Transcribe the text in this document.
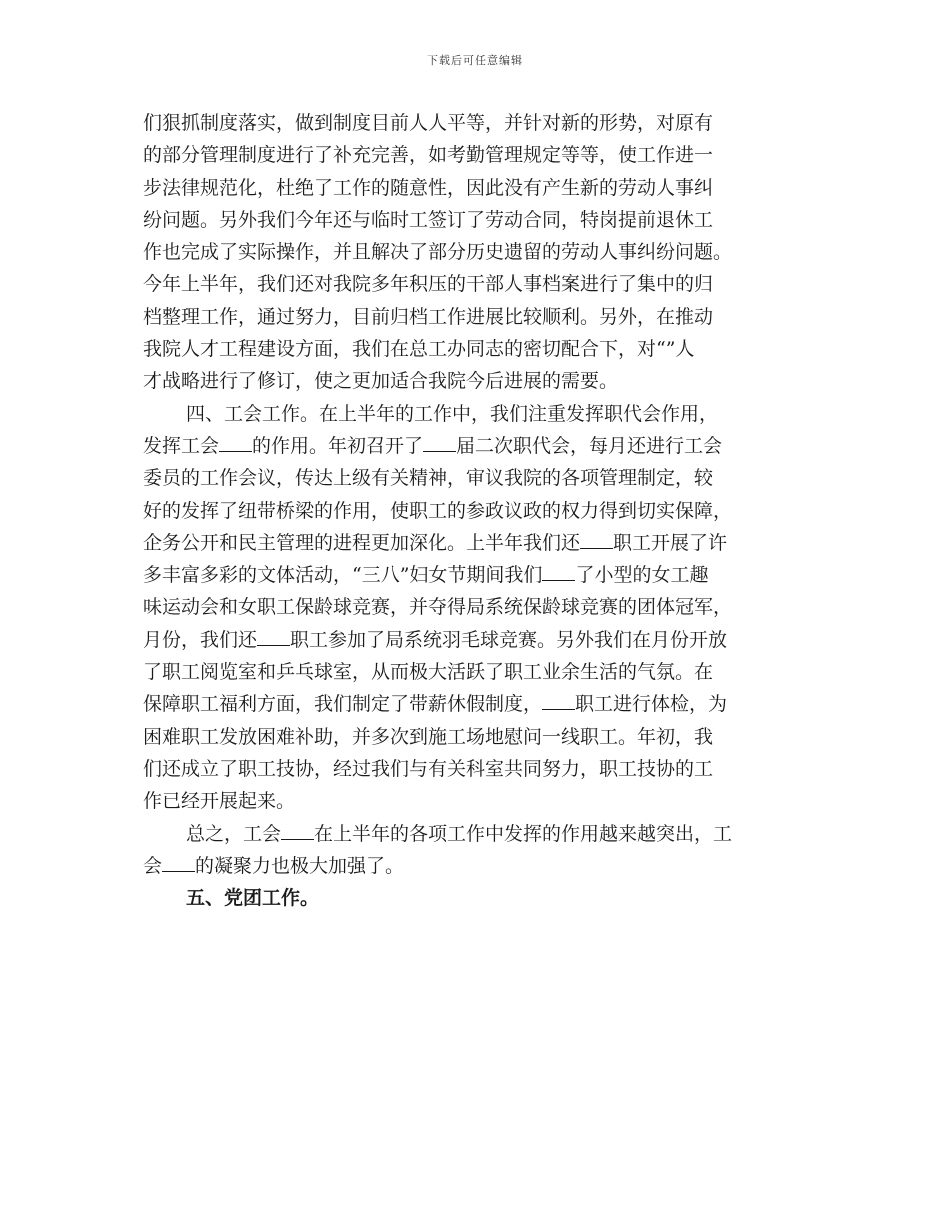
下载后可任意编辑
们狠抓制度落实，做到制度目前人人平等，并针对新的形势，对原有
的部分管理制度进行了补充完善，如考勤管理规定等等，使工作进一
步法律规范化，杜绝了工作的随意性，因此没有产生新的劳动人事纠
纷问题。另外我们今年还与临时工签订了劳动合同，特岗提前退休工
作也完成了实际操作，并且解决了部分历史遗留的劳动人事纠纷问题。
今年上半年，我们还对我院多年积压的干部人事档案进行了集中的归
档整理工作，通过努力，目前归档工作进展比较顺利。另外，在推动
我院人才工程建设方面，我们在总工办同志的密切配合下，对“”人
才战略进行了修订，使之更加适合我院今后进展的需要。
四、工会工作。在上半年的工作中，我们注重发挥职代会作用，
发挥工会 的作用。年初召开了 届二次职代会，每月还进行工会
委员的工作会议，传达上级有关精神，审议我院的各项管理制定，较
好的发挥了纽带桥梁的作用，使职工的参政议政的权力得到切实保障，
企务公开和民主管理的进程更加深化。上半年我们还 职工开展了许
多丰富多彩的文体活动，“三八”妇女节期间我们 了小型的女工趣
味运动会和女职工保龄球竞赛，并夺得局系统保龄球竞赛的团体冠军，
月份，我们还 职工参加了局系统羽毛球竞赛。另外我们在月份开放
了职工阅览室和乒乓球室，从而极大活跃了职工业余生活的气氛。在
保障职工福利方面，我们制定了带薪休假制度， 职工进行体检，为
困难职工发放困难补助，并多次到施工场地慰问一线职工。年初，我
们还成立了职工技协，经过我们与有关科室共同努力，职工技协的工
作已经开展起来。
总之，工会 在上半年的各项工作中发挥的作用越来越突出，工
会 的凝聚力也极大加强了。
五、党团工作。
